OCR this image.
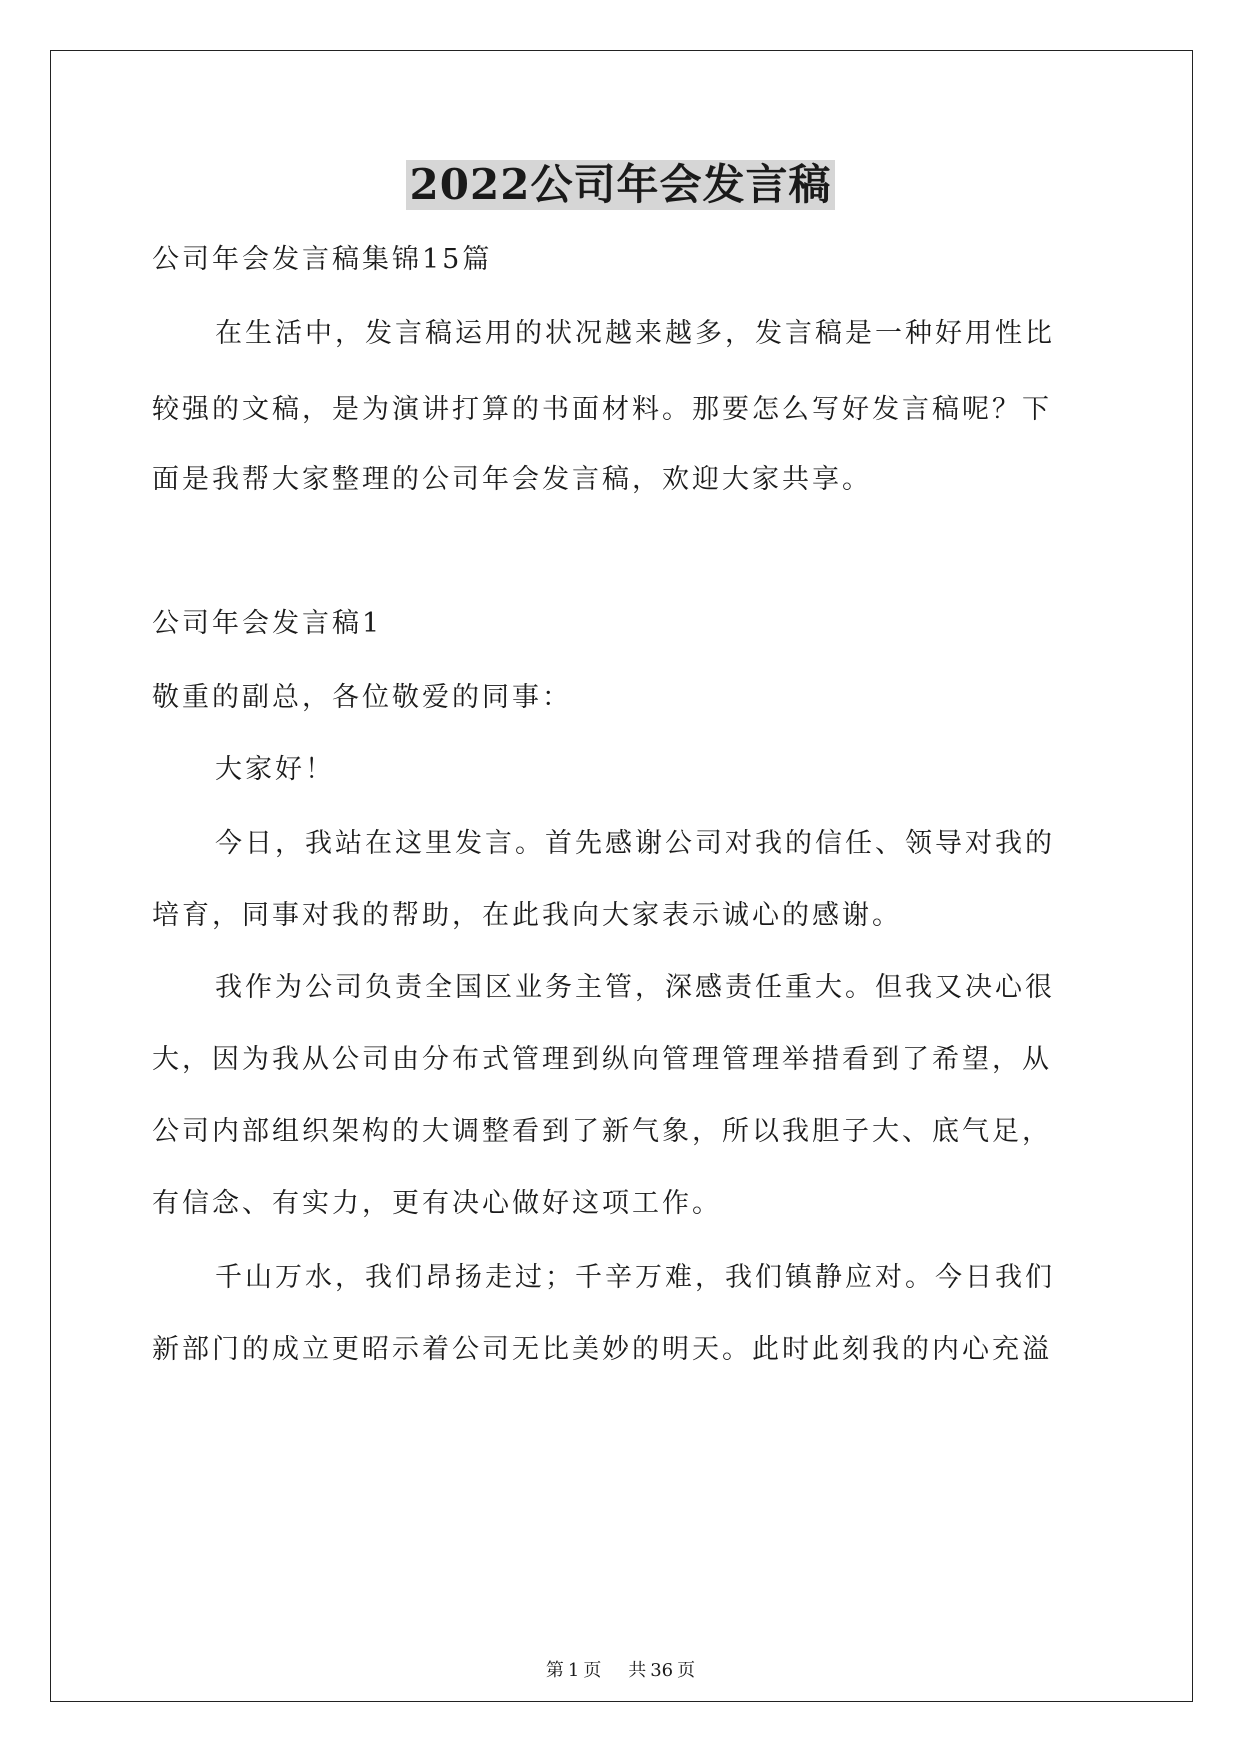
2022公司年会发言稿

公司年会发言稿集锦15篇

在生活中，发言稿运用的状况越来越多，发言稿是一种好用性比

较强的文稿，是为演讲打算的书面材料。那要怎么写好发言稿呢？下

面是我帮大家整理的公司年会发言稿，欢迎大家共享。

公司年会发言稿1

敬重的副总，各位敬爱的同事：

大家好！

今日，我站在这里发言。首先感谢公司对我的信任、领导对我的

培育，同事对我的帮助，在此我向大家表示诚心的感谢。

我作为公司负责全国区业务主管，深感责任重大。但我又决心很

大，因为我从公司由分布式管理到纵向管理管理举措看到了希望，从

公司内部组织架构的大调整看到了新气象，所以我胆子大、底气足，

有信念、有实力，更有决心做好这项工作。

千山万水，我们昂扬走过；千辛万难，我们镇静应对。今日我们

新部门的成立更昭示着公司无比美妙的明天。此时此刻我的内心充溢

第 1 页 共 36 页
